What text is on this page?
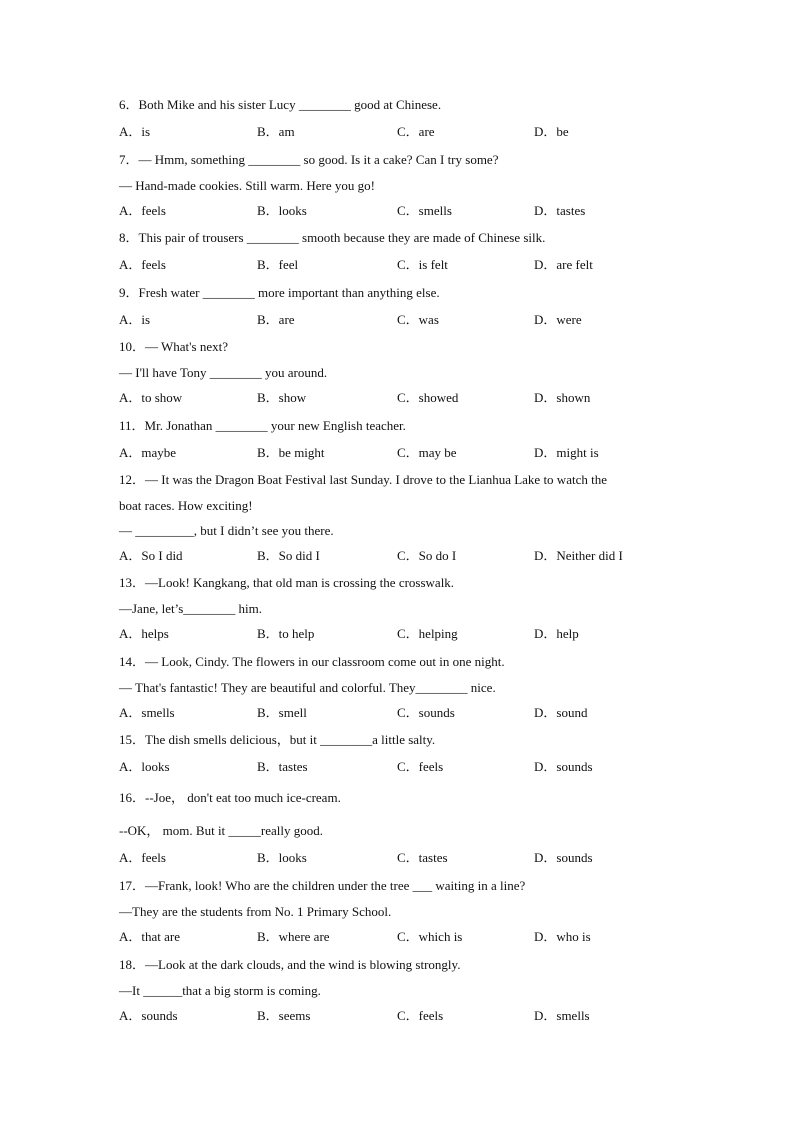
6．Both Mike and his sister Lucy ________ good at Chinese.
A．is	B．am	C．are	D．be
7．— Hmm, something ________ so good. Is it a cake? Can I try some?
— Hand-made cookies. Still warm. Here you go!
A．feels	B．looks	C．smells	D．tastes
8．This pair of trousers ________ smooth because they are made of Chinese silk.
A．feels	B．feel	C．is felt	D．are felt
9．Fresh water ________ more important than anything else.
A．is	B．are	C．was	D．were
10．— What's next?
— I'll have Tony ________ you around.
A．to show	B．show	C．showed	D．shown
11．Mr. Jonathan ________ your new English teacher.
A．maybe	B．be might	C．may be	D．might is
12．— It was the Dragon Boat Festival last Sunday. I drove to the Lianhua Lake to watch the
boat races. How exciting!
— _________, but I didn’t see you there.
A．So I did	B．So did I	C．So do I	D．Neither did I
13．—Look! Kangkang, that old man is crossing the crosswalk.
—Jane, let’s________ him.
A．helps	B．to help	C．helping	D．help
14．— Look, Cindy. The flowers in our classroom come out in one night.
— That's fantastic! They are beautiful and colorful. They________ nice.
A．smells	B．smell	C．sounds	D．sound
15．The dish smells delicious，but it ________a little salty.
A．looks	B．tastes	C．feels	D．sounds
16．--Joe， don't eat too much ice-cream.
--OK， mom. But it _____really good.
A．feels	B．looks	C．tastes	D．sounds
17．—Frank, look! Who are the children under the tree ___ waiting in a line?
—They are the students from No. 1 Primary School.
A．that are	B．where are	C．which is	D．who is
18．—Look at the dark clouds, and the wind is blowing strongly.
—It ______that a big storm is coming.
A．sounds	B．seems	C．feels	D．smells
